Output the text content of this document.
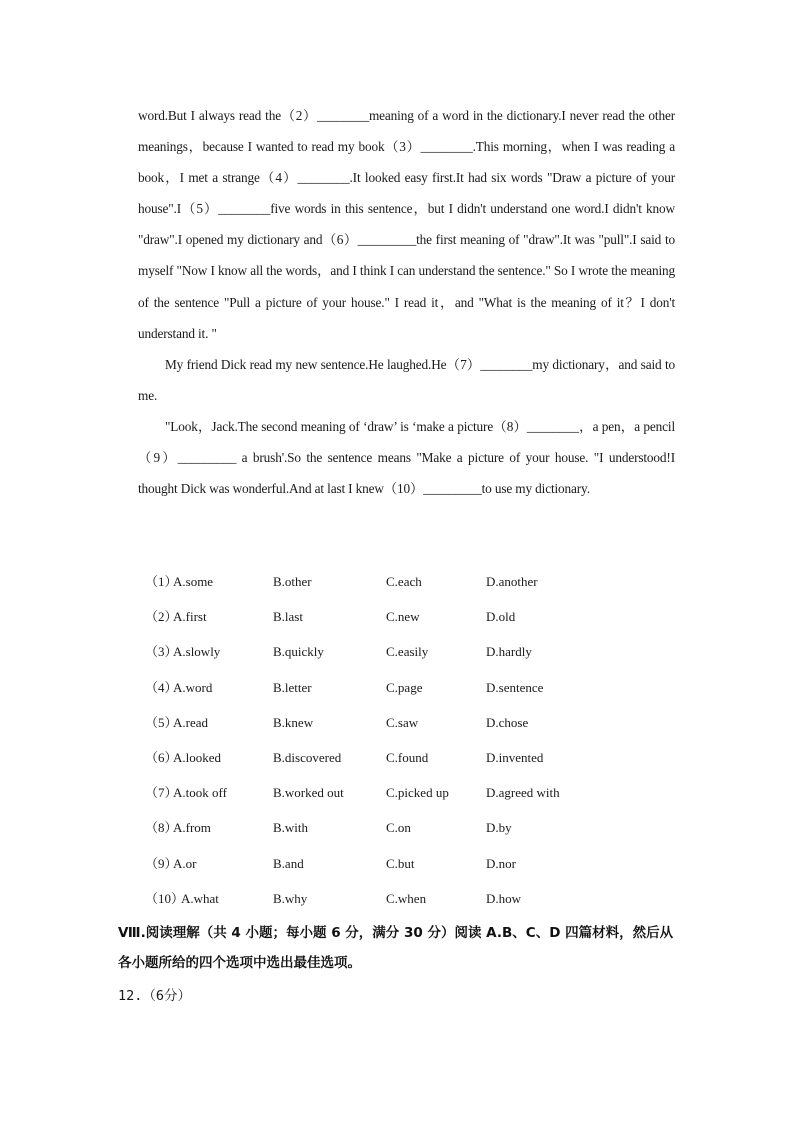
word.But I always read the（2）________meaning of a word in the dictionary.I never read the other meanings，because I wanted to read my book（3）________.This morning，when I was reading a book，I met a strange（4）________.It looked easy first.It had six words "Draw a picture of your house".I（5）________five words in this sentence，but I didn't understand one word.I didn't know "draw".I opened my dictionary and（6）_________the first meaning of "draw".It was "pull".I said to myself "Now I know all the words，and I think I can understand the sentence." So I wrote the meaning of the sentence "Pull a picture of your house." I read it，and "What is the meaning of it？I don't understand it. "

My friend Dick read my new sentence.He laughed.He（7）________my dictionary，and said to me.

"Look，Jack.The second meaning of ‘draw’ is ‘make a picture（8）________，a pen，a pencil（9）_________ a brush'.So the sentence means "Make a picture of your house. "I understood!I thought Dick was wonderful.And at last I knew（10）_________to use my dictionary.

（1）
A.some	B.other	C.each	D.another
（2）
A.first	B.last	C.new	D.old
（3）
A.slowly	B.quickly	C.easily	D.hardly
（4）
A.word	B.letter	C.page	D.sentence
（5）
A.read	B.knew	C.saw	D.chose
（6）
A.looked	B.discovered	C.found	D.invented
（7）
A.took off	B.worked out	C.picked up	D.agreed with
（8）
A.from	B.with	C.on	D.by
（9）
A.or	B.and	C.but	D.nor
（10）
A.what	B.why	C.when	D.how

Ⅷ.阅读理解（共 4 小题；每小题 6 分，满分 30 分）阅读 A.B、C、D 四篇材料，然后从各小题所给的四个选项中选出最佳选项。

12.（6分）
